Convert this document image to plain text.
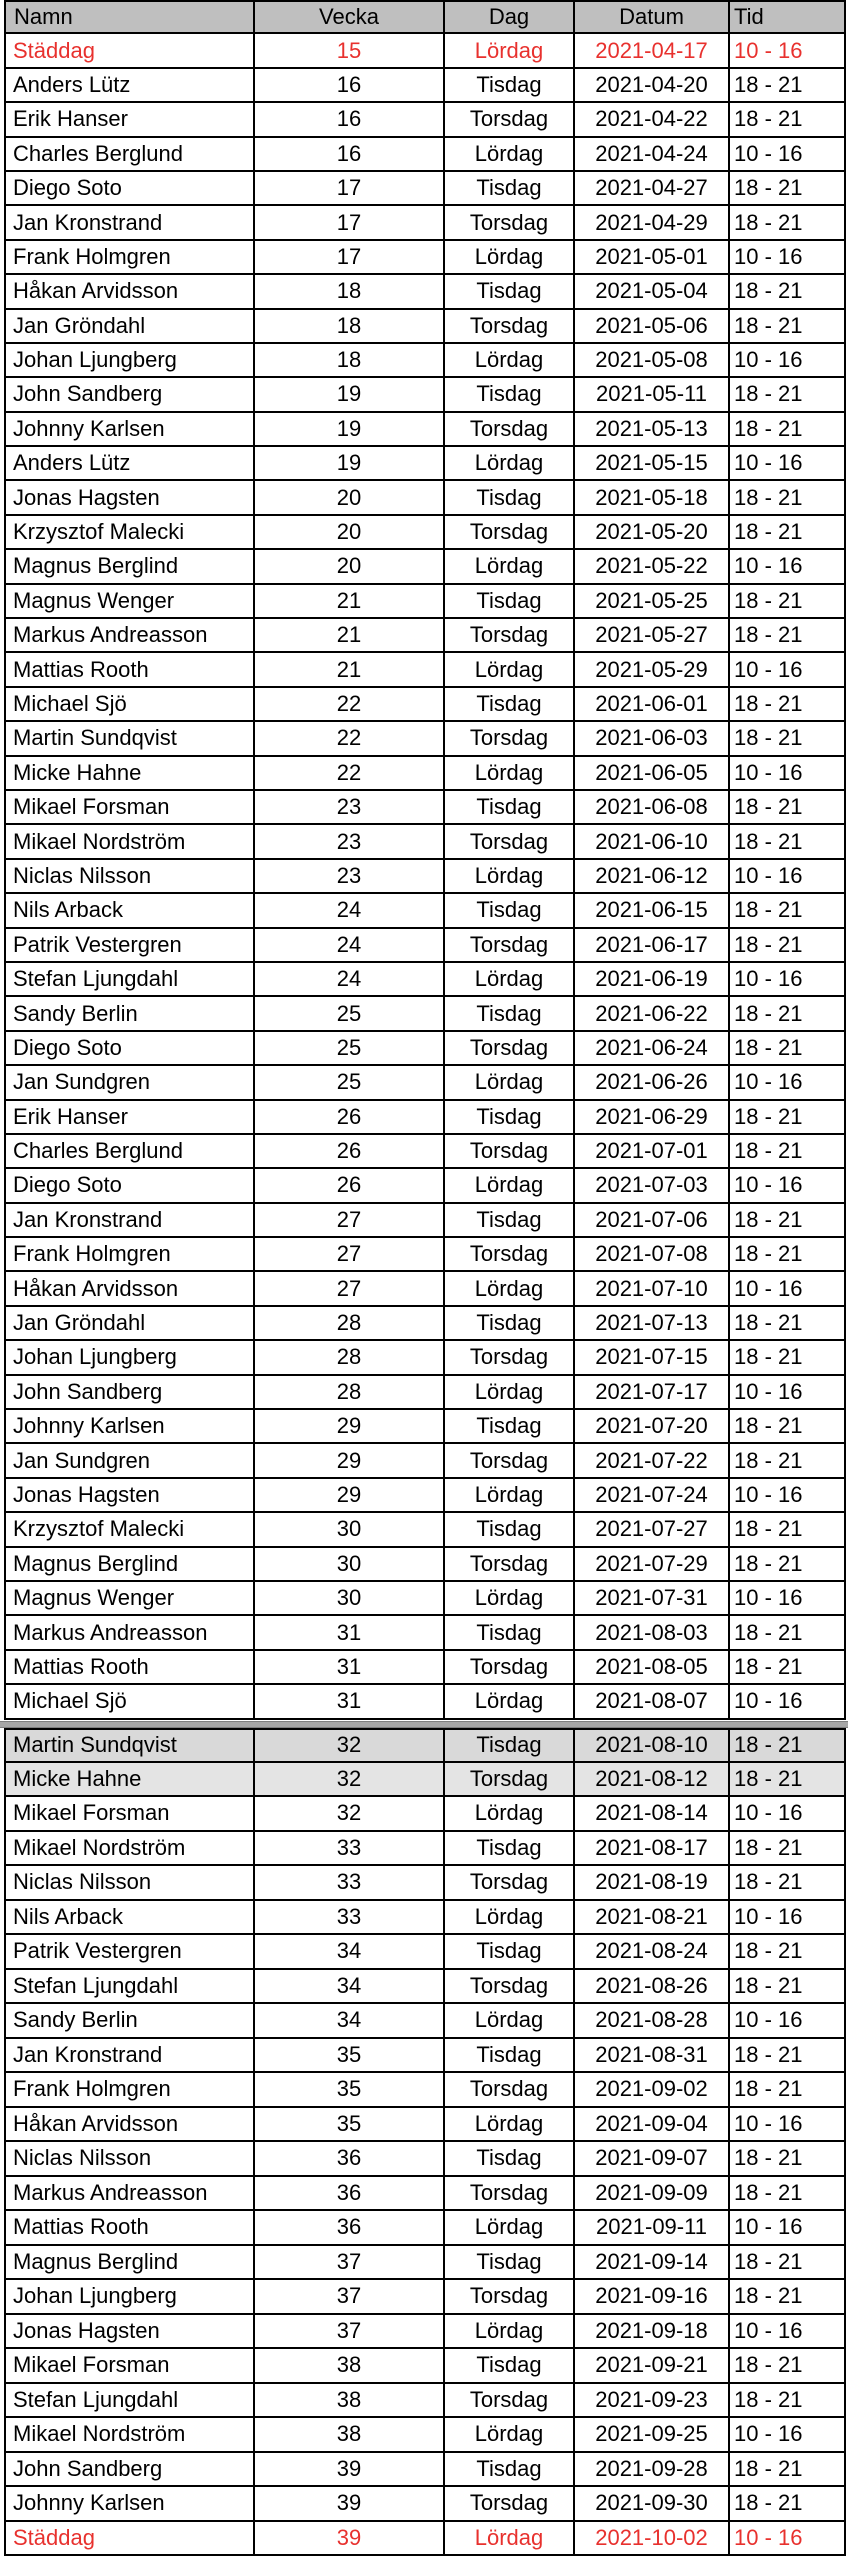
Namn	Vecka	Dag	Datum	Tid
Städdag	15	Lördag	2021-04-17	10 - 16
Anders Lütz	16	Tisdag	2021-04-20	18 - 21
Erik Hanser	16	Torsdag	2021-04-22	18 - 21
Charles Berglund	16	Lördag	2021-04-24	10 - 16
Diego Soto	17	Tisdag	2021-04-27	18 - 21
Jan Kronstrand	17	Torsdag	2021-04-29	18 - 21
Frank Holmgren	17	Lördag	2021-05-01	10 - 16
Håkan Arvidsson	18	Tisdag	2021-05-04	18 - 21
Jan Gröndahl	18	Torsdag	2021-05-06	18 - 21
Johan Ljungberg	18	Lördag	2021-05-08	10 - 16
John Sandberg	19	Tisdag	2021-05-11	18 - 21
Johnny Karlsen	19	Torsdag	2021-05-13	18 - 21
Anders Lütz	19	Lördag	2021-05-15	10 - 16
Jonas Hagsten	20	Tisdag	2021-05-18	18 - 21
Krzysztof Malecki	20	Torsdag	2021-05-20	18 - 21
Magnus Berglind	20	Lördag	2021-05-22	10 - 16
Magnus Wenger	21	Tisdag	2021-05-25	18 - 21
Markus Andreasson	21	Torsdag	2021-05-27	18 - 21
Mattias Rooth	21	Lördag	2021-05-29	10 - 16
Michael Sjö	22	Tisdag	2021-06-01	18 - 21
Martin Sundqvist	22	Torsdag	2021-06-03	18 - 21
Micke Hahne	22	Lördag	2021-06-05	10 - 16
Mikael Forsman	23	Tisdag	2021-06-08	18 - 21
Mikael Nordström	23	Torsdag	2021-06-10	18 - 21
Niclas Nilsson	23	Lördag	2021-06-12	10 - 16
Nils Arback	24	Tisdag	2021-06-15	18 - 21
Patrik Vestergren	24	Torsdag	2021-06-17	18 - 21
Stefan Ljungdahl	24	Lördag	2021-06-19	10 - 16
Sandy Berlin	25	Tisdag	2021-06-22	18 - 21
Diego Soto	25	Torsdag	2021-06-24	18 - 21
Jan Sundgren	25	Lördag	2021-06-26	10 - 16
Erik Hanser	26	Tisdag	2021-06-29	18 - 21
Charles Berglund	26	Torsdag	2021-07-01	18 - 21
Diego Soto	26	Lördag	2021-07-03	10 - 16
Jan Kronstrand	27	Tisdag	2021-07-06	18 - 21
Frank Holmgren	27	Torsdag	2021-07-08	18 - 21
Håkan Arvidsson	27	Lördag	2021-07-10	10 - 16
Jan Gröndahl	28	Tisdag	2021-07-13	18 - 21
Johan Ljungberg	28	Torsdag	2021-07-15	18 - 21
John Sandberg	28	Lördag	2021-07-17	10 - 16
Johnny Karlsen	29	Tisdag	2021-07-20	18 - 21
Jan Sundgren	29	Torsdag	2021-07-22	18 - 21
Jonas Hagsten	29	Lördag	2021-07-24	10 - 16
Krzysztof Malecki	30	Tisdag	2021-07-27	18 - 21
Magnus Berglind	30	Torsdag	2021-07-29	18 - 21
Magnus Wenger	30	Lördag	2021-07-31	10 - 16
Markus Andreasson	31	Tisdag	2021-08-03	18 - 21
Mattias Rooth	31	Torsdag	2021-08-05	18 - 21
Michael Sjö	31	Lördag	2021-08-07	10 - 16
Martin Sundqvist	32	Tisdag	2021-08-10	18 - 21
Micke Hahne	32	Torsdag	2021-08-12	18 - 21
Mikael Forsman	32	Lördag	2021-08-14	10 - 16
Mikael Nordström	33	Tisdag	2021-08-17	18 - 21
Niclas Nilsson	33	Torsdag	2021-08-19	18 - 21
Nils Arback	33	Lördag	2021-08-21	10 - 16
Patrik Vestergren	34	Tisdag	2021-08-24	18 - 21
Stefan Ljungdahl	34	Torsdag	2021-08-26	18 - 21
Sandy Berlin	34	Lördag	2021-08-28	10 - 16
Jan Kronstrand	35	Tisdag	2021-08-31	18 - 21
Frank Holmgren	35	Torsdag	2021-09-02	18 - 21
Håkan Arvidsson	35	Lördag	2021-09-04	10 - 16
Niclas Nilsson	36	Tisdag	2021-09-07	18 - 21
Markus Andreasson	36	Torsdag	2021-09-09	18 - 21
Mattias Rooth	36	Lördag	2021-09-11	10 - 16
Magnus Berglind	37	Tisdag	2021-09-14	18 - 21
Johan Ljungberg	37	Torsdag	2021-09-16	18 - 21
Jonas Hagsten	37	Lördag	2021-09-18	10 - 16
Mikael Forsman	38	Tisdag	2021-09-21	18 - 21
Stefan Ljungdahl	38	Torsdag	2021-09-23	18 - 21
Mikael Nordström	38	Lördag	2021-09-25	10 - 16
John Sandberg	39	Tisdag	2021-09-28	18 - 21
Johnny Karlsen	39	Torsdag	2021-09-30	18 - 21
Städdag	39	Lördag	2021-10-02	10 - 16
